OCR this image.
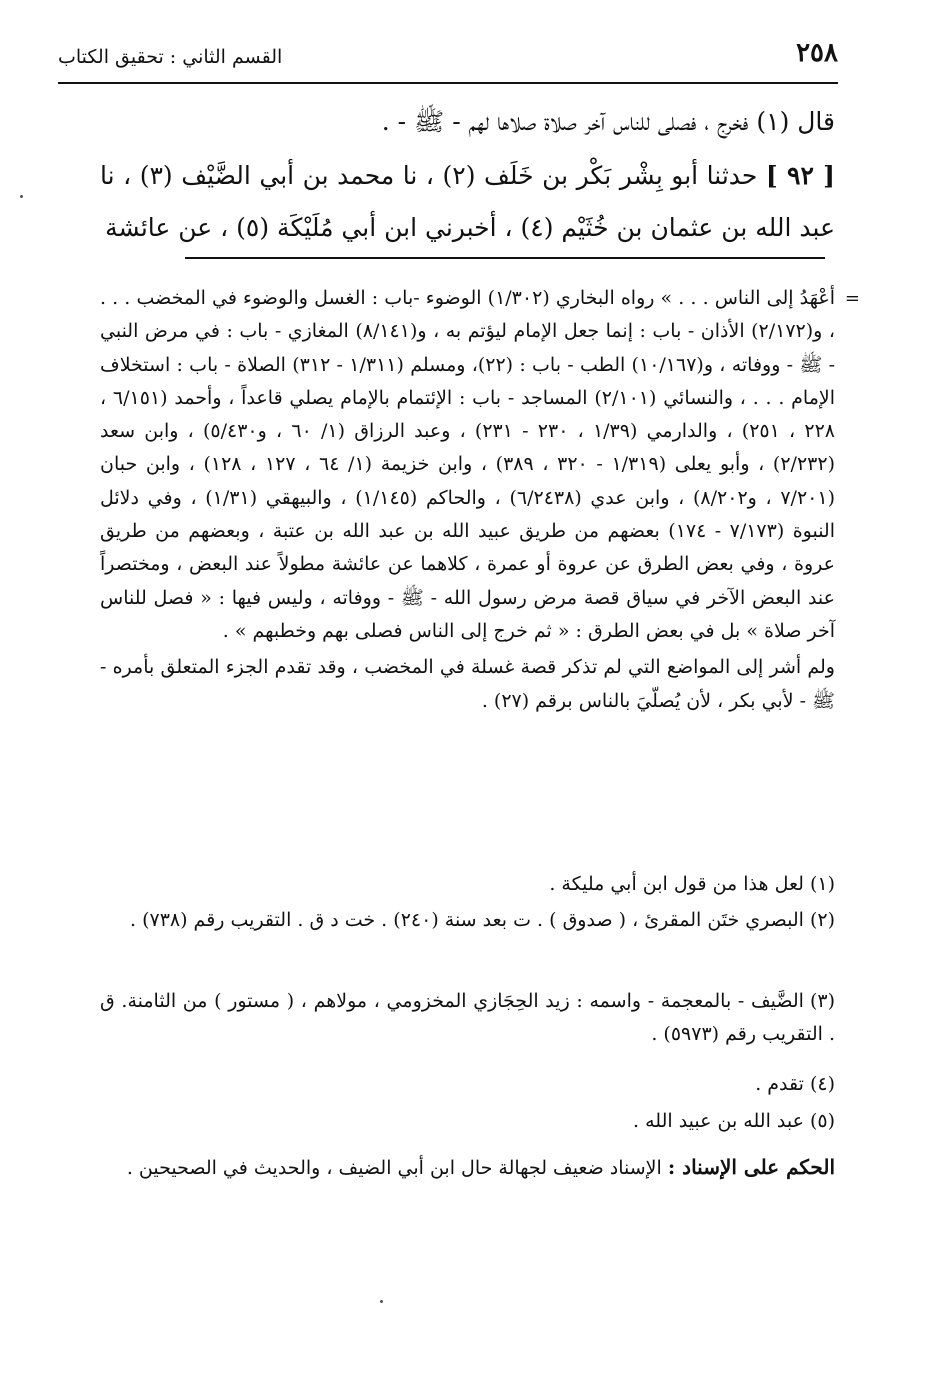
٢٥٨
القسم الثاني : تحقيق الكتاب

قال (١) فخرج ، فصلى للناس آخر صلاة صلاها لهم - ﷺ - .

[ ٩٢ ] حدثنا أبو بِشْر بَكْر بن خَلَف (٢) ، نا محمد بن أبي الضَّيْف (٣) ، نا عبد الله بن عثمان بن خُثَيْم (٤) ، أخبرني ابن أبي مُلَيْكَة (٥) ، عن عائشة

=

أعْهَدُ إلى الناس . . . » رواه البخاري (١/٣٠٢) الوضوء -باب : الغسل والوضوء في المخضب . . . ، و(٢/١٧٢) الأذان - باب : إنما جعل الإمام ليؤتم به ، و(٨/١٤١) المغازي - باب : في مرض النبي - ﷺ - ووفاته ، و(١٠/١٦٧) الطب - باب : (٢٢)، ومسلم (١/٣١١ - ٣١٢) الصلاة - باب : استخلاف الإمام . . . ، والنسائي (٢/١٠١) المساجد - باب : الإئتمام بالإمام يصلي قاعداً ، وأحمد (٦/١٥١ ، ٢٢٨ ، ٢٥١) ، والدارمي (١/٣٩ ، ٢٣٠ - ٢٣١) ، وعبد الرزاق (١/ ٦٠ ، و٥/٤٣٠) ، وابن سعد (٢/٢٣٢) ، وأبو يعلى (١/٣١٩ - ٣٢٠ ، ٣٨٩) ، وابن خزيمة (١/ ٦٤ ، ١٢٧ ، ١٢٨) ، وابن حبان (٧/٢٠١ ، و٨/٢٠٢) ، وابن عدي (٦/٢٤٣٨) ، والحاكم (١/١٤٥) ، والبيهقي (١/٣١) ، وفي دلائل النبوة (٧/١٧٣ - ١٧٤) بعضهم من طريق عبيد الله بن عبد الله بن عتبة ، وبعضهم من طريق عروة ، وفي بعض الطرق عن عروة أو عمرة ، كلاهما عن عائشة مطولاً عند البعض ، ومختصراً عند البعض الآخر في سياق قصة مرض رسول الله - ﷺ - ووفاته ، وليس فيها : « فصل للناس آخر صلاة » بل في بعض الطرق : « ثم خرج إلى الناس فصلى بهم وخطبهم » .

ولم أشر إلى المواضع التي لم تذكر قصة غسلة في المخضب ، وقد تقدم الجزء المتعلق بأمره - ﷺ - لأبي بكر ، لأن يُصلّيَ بالناس برقم (٢٧) .

(١)لعل هذا من قول ابن أبي مليكة .
(٢)البصري ختَن المقرئ ، ( صدوق ) . ت بعد سنة (٢٤٠) . خت د ق . التقريب رقم (٧٣٨) .
(٣)الضَّيف - بالمعجمة - واسمه : زيد الحِجَازي المخزومي ، مولاهم ، ( مستور ) من الثامنة. ق . التقريب رقم (٥٩٧٣) .
(٤)تقدم .
(٥)عبد الله بن عبيد الله .
الحكم على الإسناد : الإسناد ضعيف لجهالة حال ابن أبي الضيف ، والحديث في الصحيحين .
